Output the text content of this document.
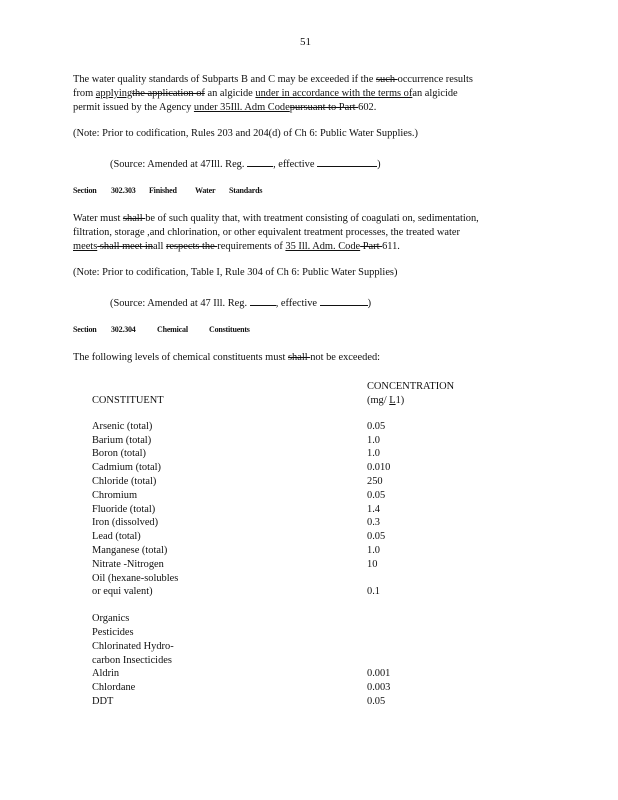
51
The water quality standards of Subparts B and C may be exceeded if the such occurrence results
from applyingthe application of an algicide under in accordance with the terms ofan algicide
permit issued by the Agency under 35Ill. Adm Codepursuant to Part 602.
(Note: Prior to codification, Rules 203 and 204(d) of Ch 6: Public Water Supplies.)
(Source: Amended at 47Ill. Reg.	, effective	)
Section 302.303 Finished Water Standards
Water must shall be of such quality that, with treatment consisting of coagulati on, sedimentation,
filtration, storage ,and chlorination, or other equivalent treatment processes, the treated water
meets shall meet inall respects the requirements of 35 Ill. Adm. Code Part 611.
(Note: Prior to codification, Table I, Rule 304 of Ch 6: Public Water Supplies)
(Source: Amended at 47 Ill. Reg.	, effective	)
Section 302.304	Chemical	Constituents
The following levels of chemical constituents must shall not be exceeded:
CONSTITUENT
CONCENTRATION
(mg/ L1)
Arsenic (total)	0.05
Barium (total)	1.0
Boron (total)	1.0
Cadmium (total)	0.010
Chloride (total)	250
Chromium	0.05
Fluoride (total)	1.4
Iron (dissolved)	0.3
Lead (total)	0.05
Manganese (total)	1.0
Nitrate -Nitrogen	10
Oil (hexane-solubles
or equi valent)	0.1
Organics
Pesticides
Chlorinated Hydro-
carbon Insecticides
Aldrin	0.001
Chlordane	0.003
DDT	0.05
